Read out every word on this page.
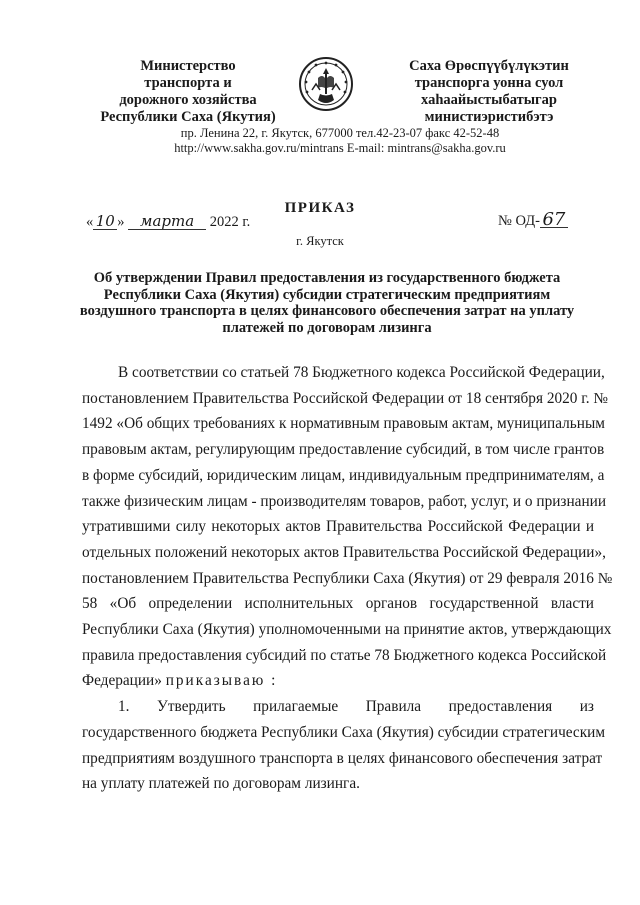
Министерство
транспорта и
дорожного хозяйства
Республики Саха (Якутия)
Саха Өрөспүүбүлүкэтин
транспорга уонна суол
хаһаайыстыбатыгар
министиэристибэтэ
пр. Ленина 22, г. Якутск, 677000 тел.42-23-07 факс 42-52-48
http://www.sakha.gov.ru/mintrans E-mail: mintrans@sakha.gov.ru
ПРИКАЗ
« 10 » марта 2022 г.	№ ОД- 67
г. Якутск
Об утверждении Правил предоставления из государственного бюджета Республики Саха (Якутия) субсидии стратегическим предприятиям воздушного транспорта в целях финансового обеспечения затрат на уплату платежей по договорам лизинга
В соответствии со статьей 78 Бюджетного кодекса Российской Федерации,
постановлением Правительства Российской Федерации от 18 сентября 2020 г. №
1492 «Об общих требованиях к нормативным правовым актам, муниципальным
правовым актам, регулирующим предоставление субсидий, в том числе грантов
в форме субсидий, юридическим лицам, индивидуальным предпринимателям, а
также физическим лицам - производителям товаров, работ, услуг, и о признании
утратившими силу некоторых актов Правительства Российской Федерации и
отдельных положений некоторых актов Правительства Российской Федерации»,
постановлением Правительства Республики Саха (Якутия) от 29 февраля 2016 №
58 «Об определении исполнительных органов государственной власти
Республики Саха (Якутия) уполномоченными на принятие актов, утверждающих
правила предоставления субсидий по статье 78 Бюджетного кодекса Российской
Федерации» приказываю :
1. Утвердить прилагаемые Правила предоставления из
государственного бюджета Республики Саха (Якутия) субсидии стратегическим
предприятиям воздушного транспорта в целях финансового обеспечения затрат
на уплату платежей по договорам лизинга.
